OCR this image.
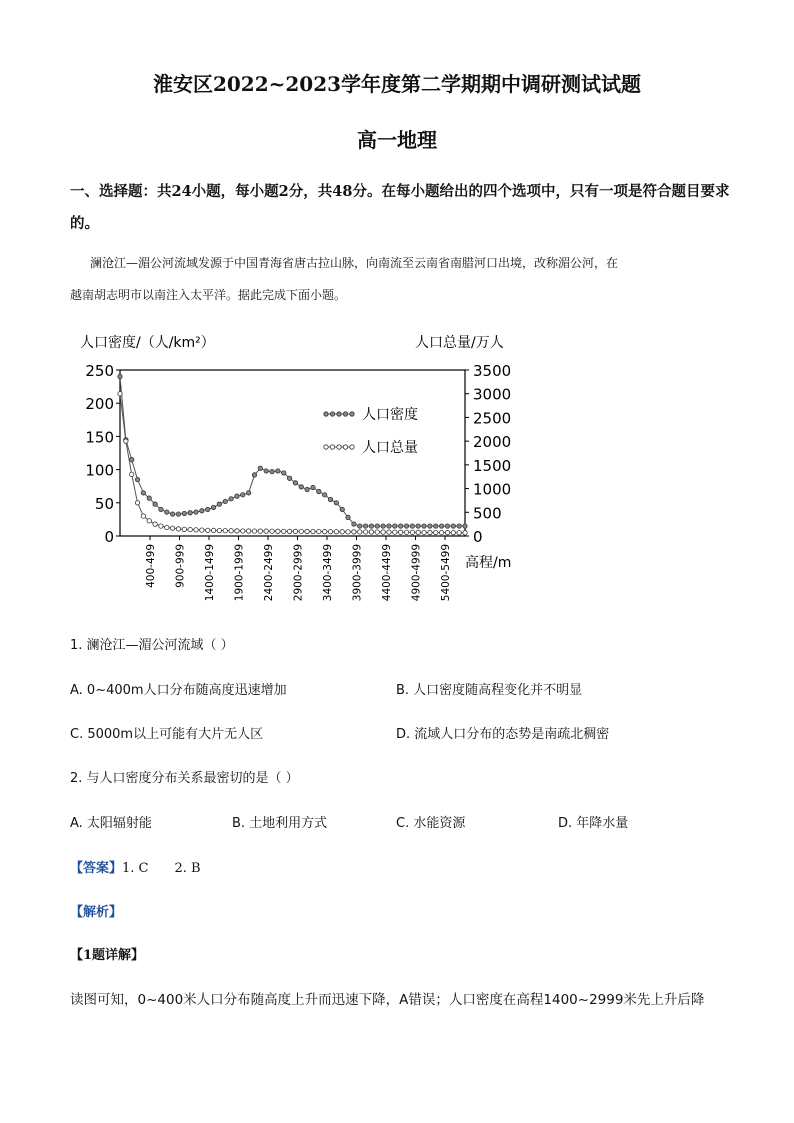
淮安区2022~2023学年度第二学期期中调研测试试题
高一地理
一、选择题：共24小题，每小题2分，共48分。在每小题给出的四个选项中，只有一项是符合题目要求的。
澜沧江—湄公河流域发源于中国青海省唐古拉山脉，向南流至云南省南腊河口出境，改称湄公河，在
越南胡志明市以南注入太平洋。据此完成下面小题。
人口密度/（人/km²）	人口总量/万人
250
200
150
100
50
0
3500
3000
2500
2000
1500
1000
500
0
400-499 900-999 1400-1499 1900-1999 2400-2499 2900-2999 3400-3499 3900-3999 4400-4499 4900-4999 5400-5499 高程/m
人口密度
人口总量
1. 澜沧江—湄公河流域（ ）
A. 0~400m人口分布随高度迅速增加	B. 人口密度随高程变化并不明显
C. 5000m以上可能有大片无人区	D. 流域人口分布的态势是南疏北稠密
2. 与人口密度分布关系最密切的是（ ）
A. 太阳辐射能	B. 土地利用方式	C. 水能资源	D. 年降水量
【答案】1. C 2. B
【解析】
【1题详解】
读图可知，0~400米人口分布随高度上升而迅速下降，A错误；人口密度在高程1400~2999米先上升后降
